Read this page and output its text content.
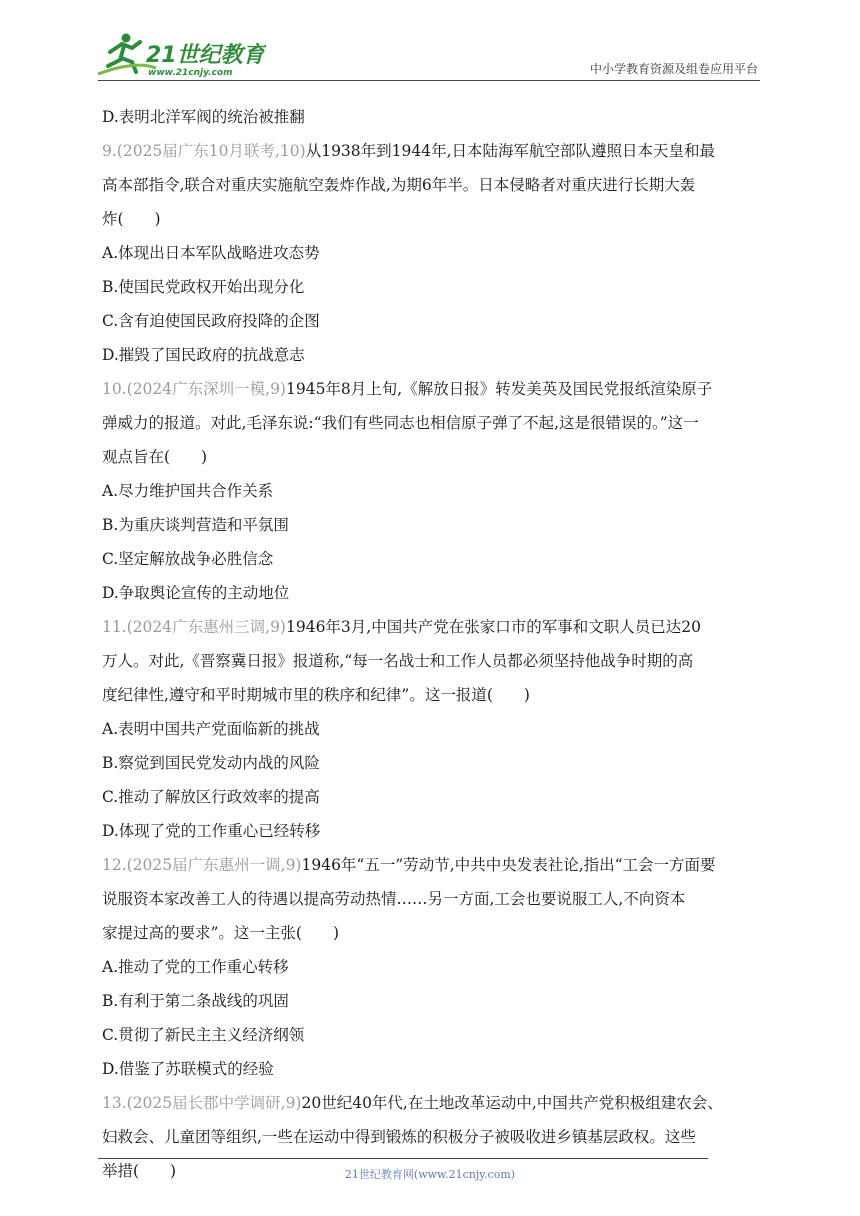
21世纪教育
www.21cnjy.com	中小学教育资源及组卷应用平台
D.表明北洋军阀的统治被推翻
9.(2025届广东10月联考,10)从1938年到1944年,日本陆海军航空部队遵照日本天皇和最
高本部指令,联合对重庆实施航空轰炸作战,为期6年半。日本侵略者对重庆进行长期大轰
炸(　　)
A.体现出日本军队战略进攻态势
B.使国民党政权开始出现分化
C.含有迫使国民政府投降的企图
D.摧毁了国民政府的抗战意志
10.(2024广东深圳一模,9)1945年8月上旬,《解放日报》转发美英及国民党报纸渲染原子
弹威力的报道。对此,毛泽东说:“我们有些同志也相信原子弹了不起,这是很错误的。”这一
观点旨在(　　)
A.尽力维护国共合作关系
B.为重庆谈判营造和平氛围
C.坚定解放战争必胜信念
D.争取舆论宣传的主动地位
11.(2024广东惠州三调,9)1946年3月,中国共产党在张家口市的军事和文职人员已达20
万人。对此,《晋察冀日报》报道称,“每一名战士和工作人员都必须坚持他战争时期的高
度纪律性,遵守和平时期城市里的秩序和纪律”。这一报道(　　)
A.表明中国共产党面临新的挑战
B.察觉到国民党发动内战的风险
C.推动了解放区行政效率的提高
D.体现了党的工作重心已经转移
12.(2025届广东惠州一调,9)1946年“五一”劳动节,中共中央发表社论,指出“工会一方面要
说服资本家改善工人的待遇以提高劳动热情……另一方面,工会也要说服工人,不向资本
家提过高的要求”。这一主张(　　)
A.推动了党的工作重心转移
B.有利于第二条战线的巩固
C.贯彻了新民主主义经济纲领
D.借鉴了苏联模式的经验
13.(2025届长郡中学调研,9)20世纪40年代,在土地改革运动中,中国共产党积极组建农会、
妇救会、儿童团等组织,一些在运动中得到锻炼的积极分子被吸收进乡镇基层政权。这些
举措(　　)	21世纪教育网(www.21cnjy.com)
